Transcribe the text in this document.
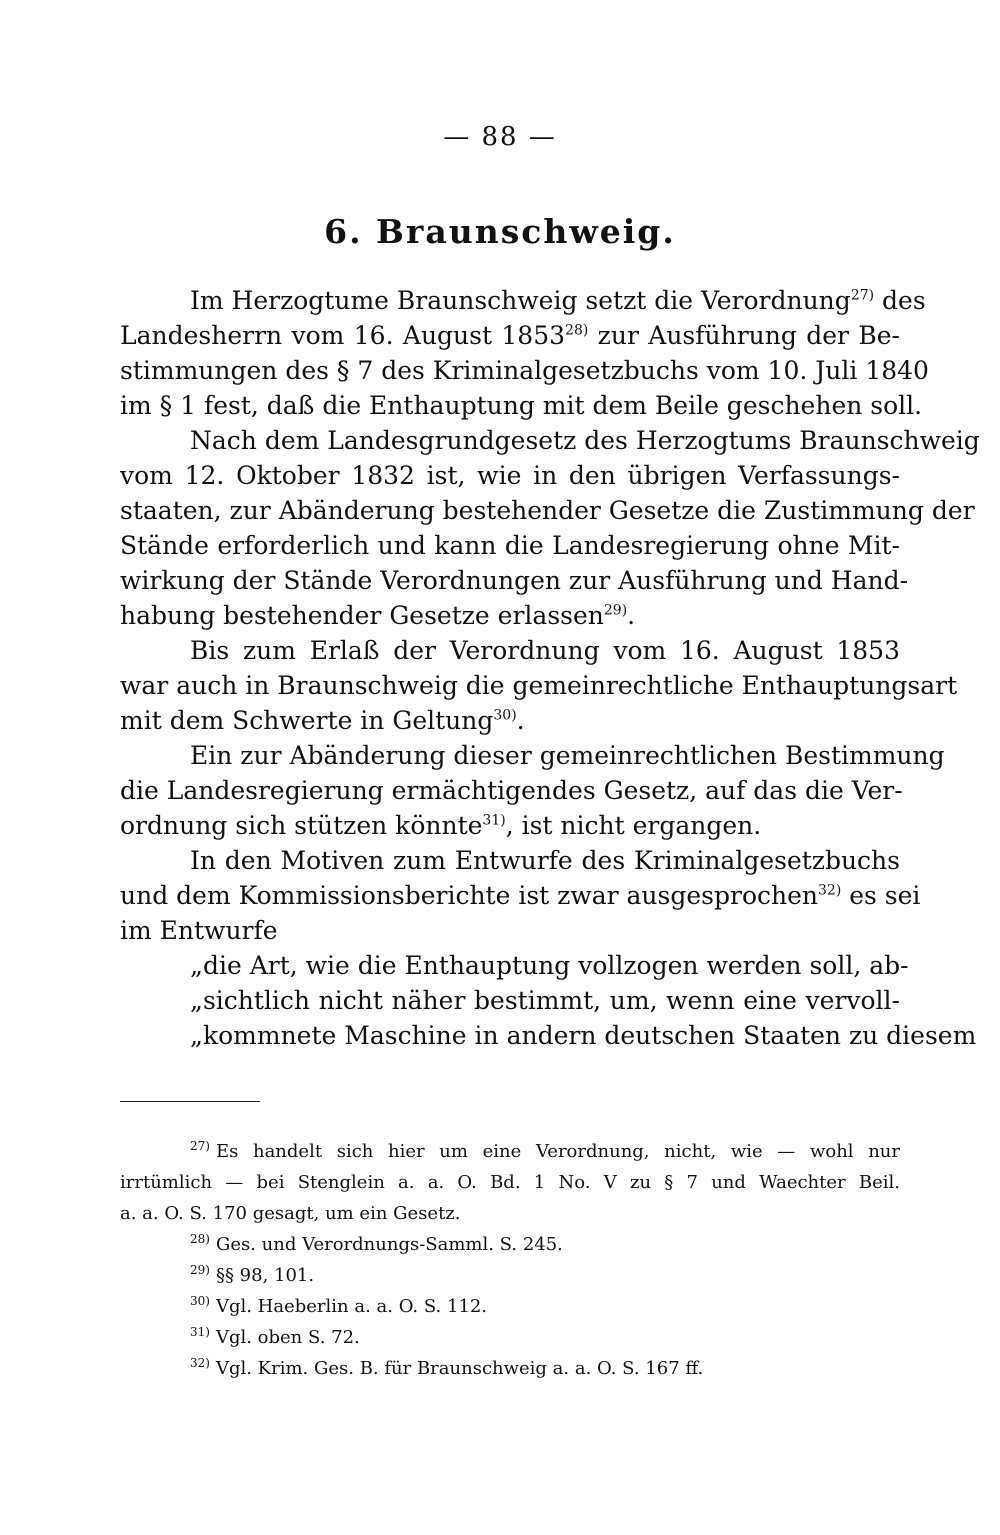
— 88 —
6. Braunschweig.
Im Herzogtume Braunschweig setzt die Verordnung$^{27)}$ des
Landesherrn vom 16. August 1853$^{28)}$ zur Ausführung der Be-
stimmungen des § 7 des Kriminalgesetzbuchs vom 10. Juli 1840
im § 1 fest, daß die Enthauptung mit dem Beile geschehen soll.
Nach dem Landesgrundgesetz des Herzogtums Braunschweig
vom 12. Oktober 1832 ist, wie in den übrigen Verfassungs-
staaten, zur Abänderung bestehender Gesetze die Zustimmung der
Stände erforderlich und kann die Landesregierung ohne Mit-
wirkung der Stände Verordnungen zur Ausführung und Hand-
habung bestehender Gesetze erlassen$^{29)}$.
Bis zum Erlaß der Verordnung vom 16. August 1853
war auch in Braunschweig die gemeinrechtliche Enthauptungsart
mit dem Schwerte in Geltung$^{30)}$.
Ein zur Abänderung dieser gemeinrechtlichen Bestimmung
die Landesregierung ermächtigendes Gesetz, auf das die Ver-
ordnung sich stützen könnte$^{31)}$, ist nicht ergangen.
In den Motiven zum Entwurfe des Kriminalgesetzbuchs
und dem Kommissionsberichte ist zwar ausgesprochen$^{32)}$ es sei
im Entwurfe
„die Art, wie die Enthauptung vollzogen werden soll, ab-
„sichtlich nicht näher bestimmt, um, wenn eine vervoll-
„kommnete Maschine in andern deutschen Staaten zu diesem
$^{27)}$ Es handelt sich hier um eine Verordnung, nicht, wie — wohl nur
irrtümlich — bei Stenglein a. a. O. Bd. 1 No. V zu § 7 und Waechter Beil.
a. a. O. S. 170 gesagt, um ein Gesetz.
$^{28)}$ Ges. und Verordnungs-Samml. S. 245.
$^{29)}$ §§ 98, 101.
$^{30)}$ Vgl. Haeberlin a. a. O. S. 112.
$^{31)}$ Vgl. oben S. 72.
$^{32)}$ Vgl. Krim. Ges. B. für Braunschweig a. a. O. S. 167 ff.
